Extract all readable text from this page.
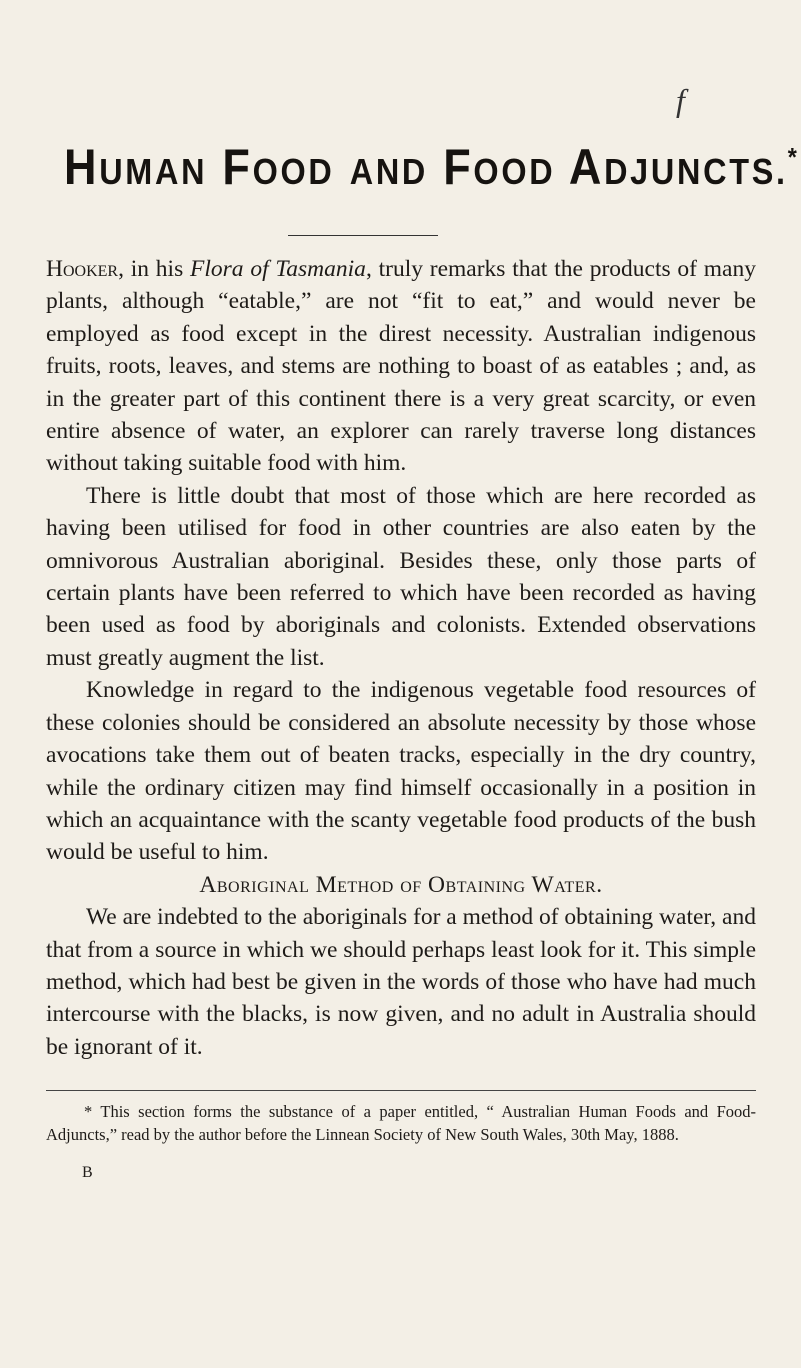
f
HUMAN FOOD AND FOOD ADJUNCTS.*

Hooker, in his Flora of Tasmania, truly remarks that the products of many plants, although “eatable,” are not “fit to eat,” and would never be employed as food except in the direst necessity. Australian indigenous fruits, roots, leaves, and stems are nothing to boast of as eatables ; and, as in the greater part of this continent there is a very great scarcity, or even entire absence of water, an explorer can rarely traverse long distances without taking suitable food with him.

There is little doubt that most of those which are here recorded as having been utilised for food in other countries are also eaten by the omnivorous Australian aboriginal. Besides these, only those parts of certain plants have been referred to which have been recorded as having been used as food by aboriginals and colonists. Extended observations must greatly augment the list.

Knowledge in regard to the indigenous vegetable food resources of these colonies should be considered an absolute necessity by those whose avocations take them out of beaten tracks, especially in the dry country, while the ordinary citizen may find himself occasionally in a position in which an acquaintance with the scanty vegetable food products of the bush would be useful to him.

Aboriginal Method of Obtaining Water.

We are indebted to the aboriginals for a method of obtaining water, and that from a source in which we should perhaps least look for it. This simple method, which had best be given in the words of those who have had much intercourse with the blacks, is now given, and no adult in Australia should be ignorant of it.

* This section forms the substance of a paper entitled, “ Australian Human Foods and Food-Adjuncts,” read by the author before the Linnean Society of New South Wales, 30th May, 1888.

B
